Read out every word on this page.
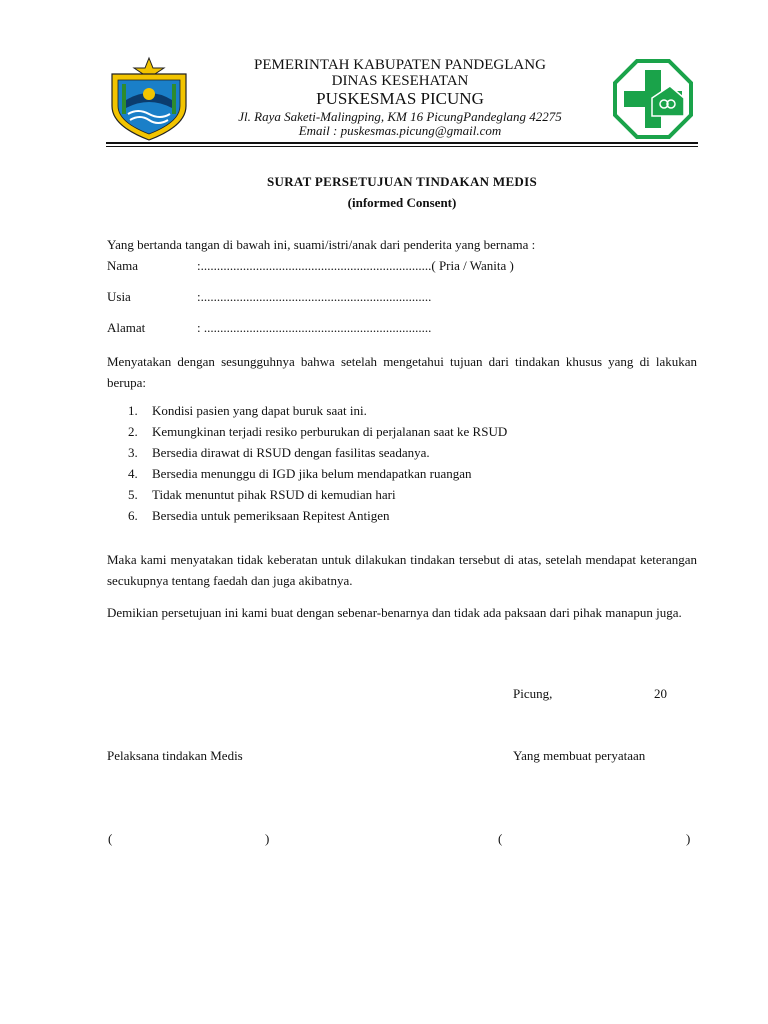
PEMERINTAH KABUPATEN PANDEGLANG
DINAS KESEHATAN
PUSKESMAS PICUNG
Jl. Raya Saketi-Malingping, KM 16 PicungPandeglang 42275
Email : puskesmas.picung@gmail.com
SURAT PERSETUJUAN TINDAKAN MEDIS
(informed Consent)
Yang bertanda tangan di bawah ini, suami/istri/anak dari penderita yang bernama :
Nama	:.......................................................................( Pria / Wanita )
Usia	:.......................................................................
Alamat	: ......................................................................
Menyatakan dengan sesungguhnya bahwa setelah mengetahui tujuan dari tindakan khusus yang di lakukan berupa:
1.	Kondisi pasien yang dapat buruk saat ini.
2.	Kemungkinan terjadi resiko perburukan di perjalanan saat ke RSUD
3.	Bersedia dirawat di RSUD dengan fasilitas seadanya.
4.	Bersedia menunggu di IGD jika belum mendapatkan ruangan
5.	Tidak menuntut pihak RSUD di kemudian hari
6.	Bersedia untuk pemeriksaan Repitest Antigen
Maka kami menyatakan tidak keberatan untuk dilakukan tindakan tersebut di atas, setelah mendapat keterangan secukupnya tentang faedah dan juga akibatnya.
Demikian persetujuan ini kami buat dengan sebenar-benarnya dan tidak ada paksaan dari pihak manapun juga.
Picung,	20
Pelaksana tindakan Medis	Yang membuat peryataan
(	)	(	)
